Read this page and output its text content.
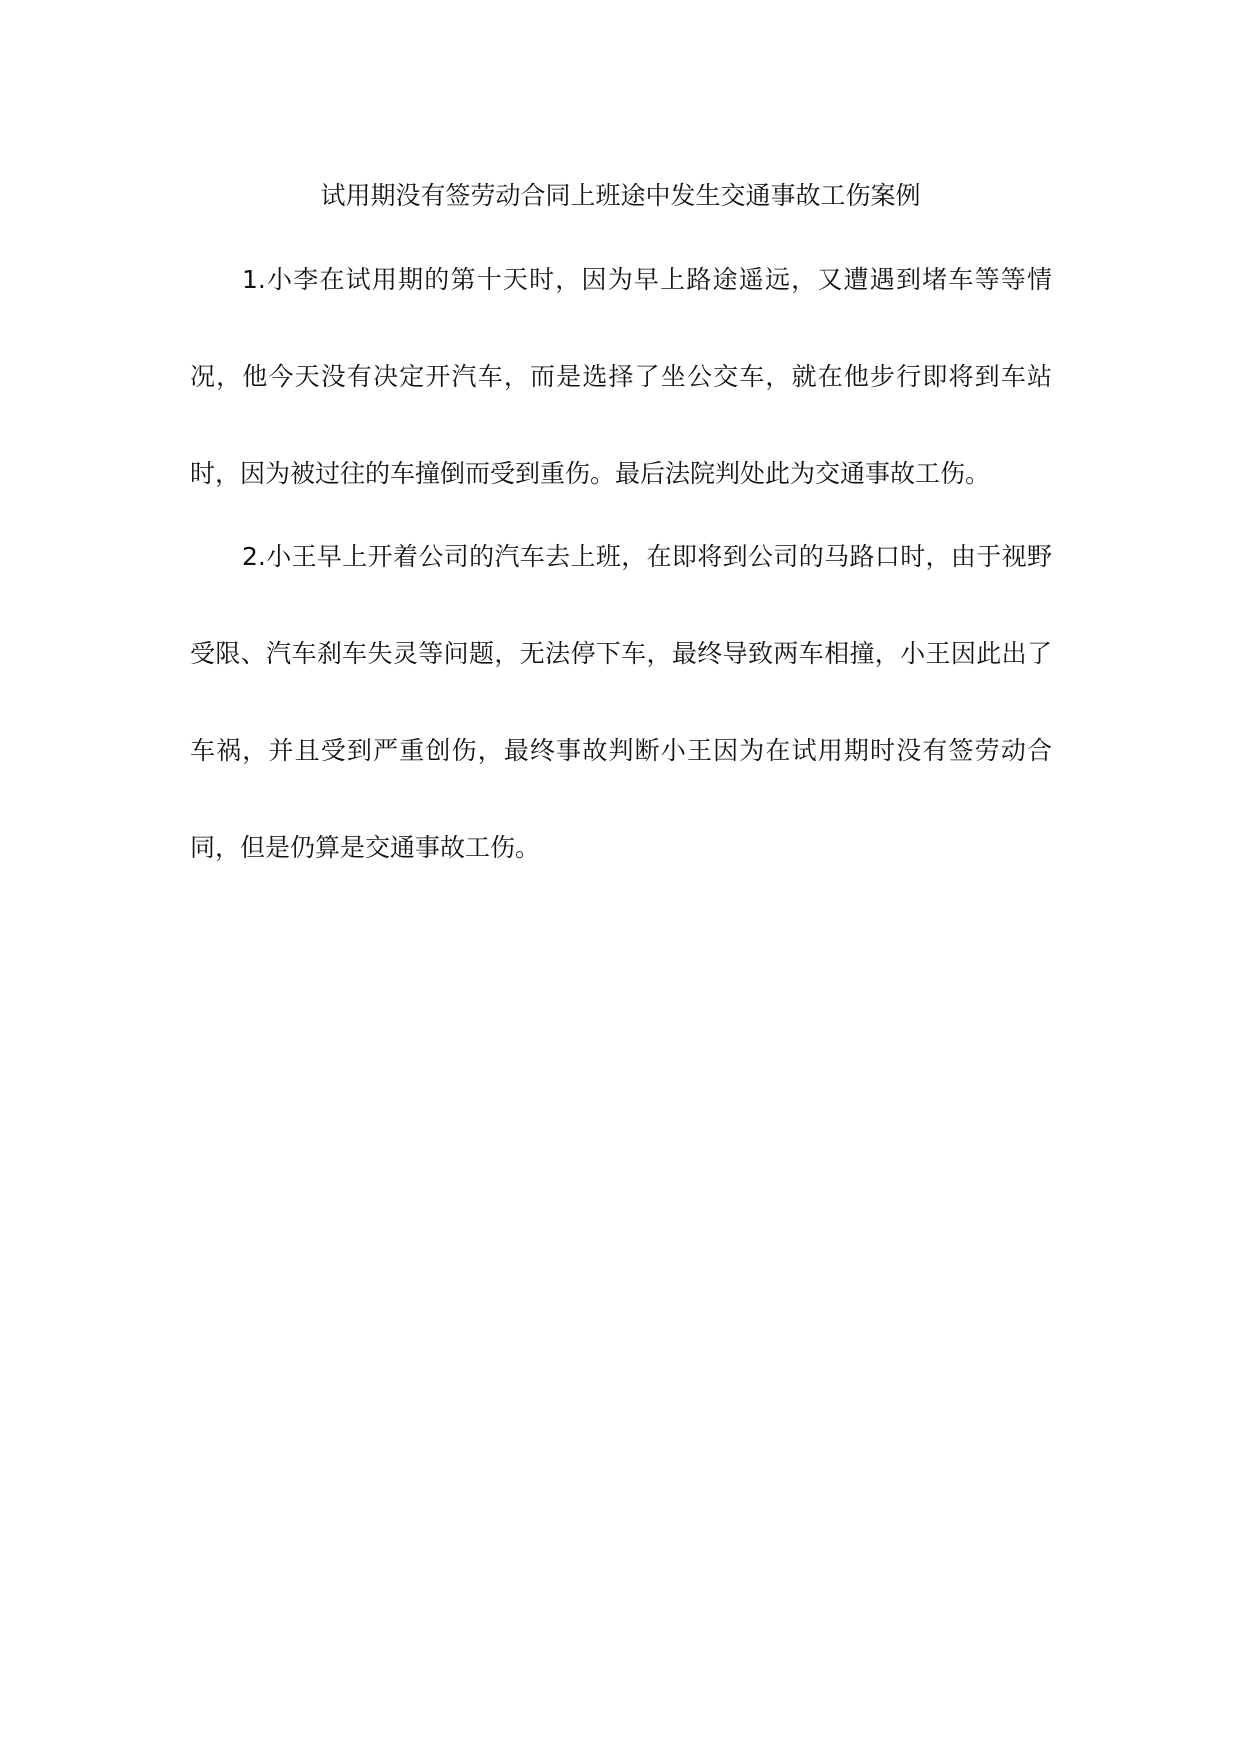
试用期没有签劳动合同上班途中发生交通事故工伤案例

1.小李在试用期的第十天时，因为早上路途遥远，又遭遇到堵车等等情况，他今天没有决定开汽车，而是选择了坐公交车，就在他步行即将到车站时，因为被过往的车撞倒而受到重伤。最后法院判处此为交通事故工伤。

2.小王早上开着公司的汽车去上班，在即将到公司的马路口时，由于视野受限、汽车刹车失灵等问题，无法停下车，最终导致两车相撞，小王因此出了车祸，并且受到严重创伤，最终事故判断小王因为在试用期时没有签劳动合同，但是仍算是交通事故工伤。
